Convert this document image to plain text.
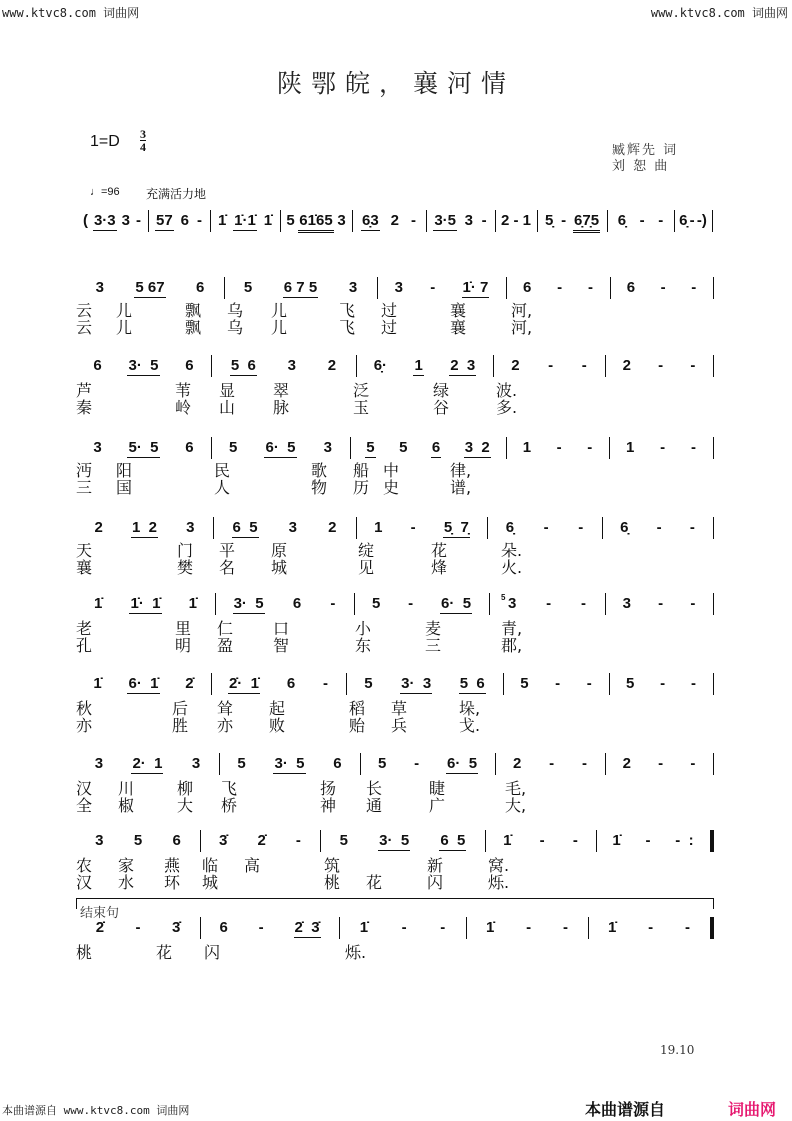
www.ktvc8.com 词曲网	www.ktvc8.com 词曲网
陕鄂皖，襄河情
$1=D \frac{3}{4}$	臧辉先 词
刘 恕 曲
♩=96 充满活力地
结束句
( 3·3 3 - 57 6 - 1̇ 1̇·1̇ 1̇ 5 61̇65 3 6̣3 2 - 3·5 3 - 2 - 1 5̣ - 6̣7̣5 6̣ - - 6̣ - -)
3 5 67 6	5 6 7 5 3 3 - 1̇· 7 6 - - 6 - -
云 儿	飘 乌 儿	飞 过	襄	河,
云 儿	飘 乌 儿	飞 过	襄	河,
6 3·  5 6 5  6 3 2	6̣· 1 2  3 2 - - 2 - -
芦	苇 显 翠	泛	绿	波.
秦	岭 山 脉	玉	谷	多.
3 5·  5 6 5 6·  5 3 5 5 6 3  2 1 - - 1 - -
沔 阳	民	歌 船 中	律,
三 国	人	物 历 史	谱,
2 1  2 3	6  5 3 2	1 - 5̣  7̣ 6̣ - - 6̣ - -
天	门 平 原	绽	花	朵.
襄	樊 名 城	见	烽	火.
1̇ 1̇·  1̇ 1̇ 3·  5 6 - 5 - 6·  5	5 3 - - 3 - -
老	里 仁 口	小	麦	青,
孔	明 盈 智	东	三	郡,
1̇ 6·  1̇ 2̇ 2̇·  1̇ 6 - 5 3·  3 5  6 5 - - 5 - -
秋	后 耸 起	稻 草	垛,
亦	胜 亦 败	贻 兵	戈.
3 2·  1 3 5 3·  5 6 5 - 6·  5 2 - - 2 - -
汉 川	柳 飞	扬 长	睫	毛,
全 椒	大 桥	神 通	广	大,
3 5 6	3̇ 2̇ -	5 3·  5 6  5	1̇ - - 1̇ - -  :
农 家 燕 临 高	筑	新	窝.
汉 水 环 城	桃 花	闪	烁.
2̇ - 3̇	6 - 2̇  3̇	1̇ - -	1̇ - -	1̇ - -
桃	花 闪	烁.
19.10
本曲谱源自 www.ktvc8.com 词曲网	本曲谱源自	词曲网
